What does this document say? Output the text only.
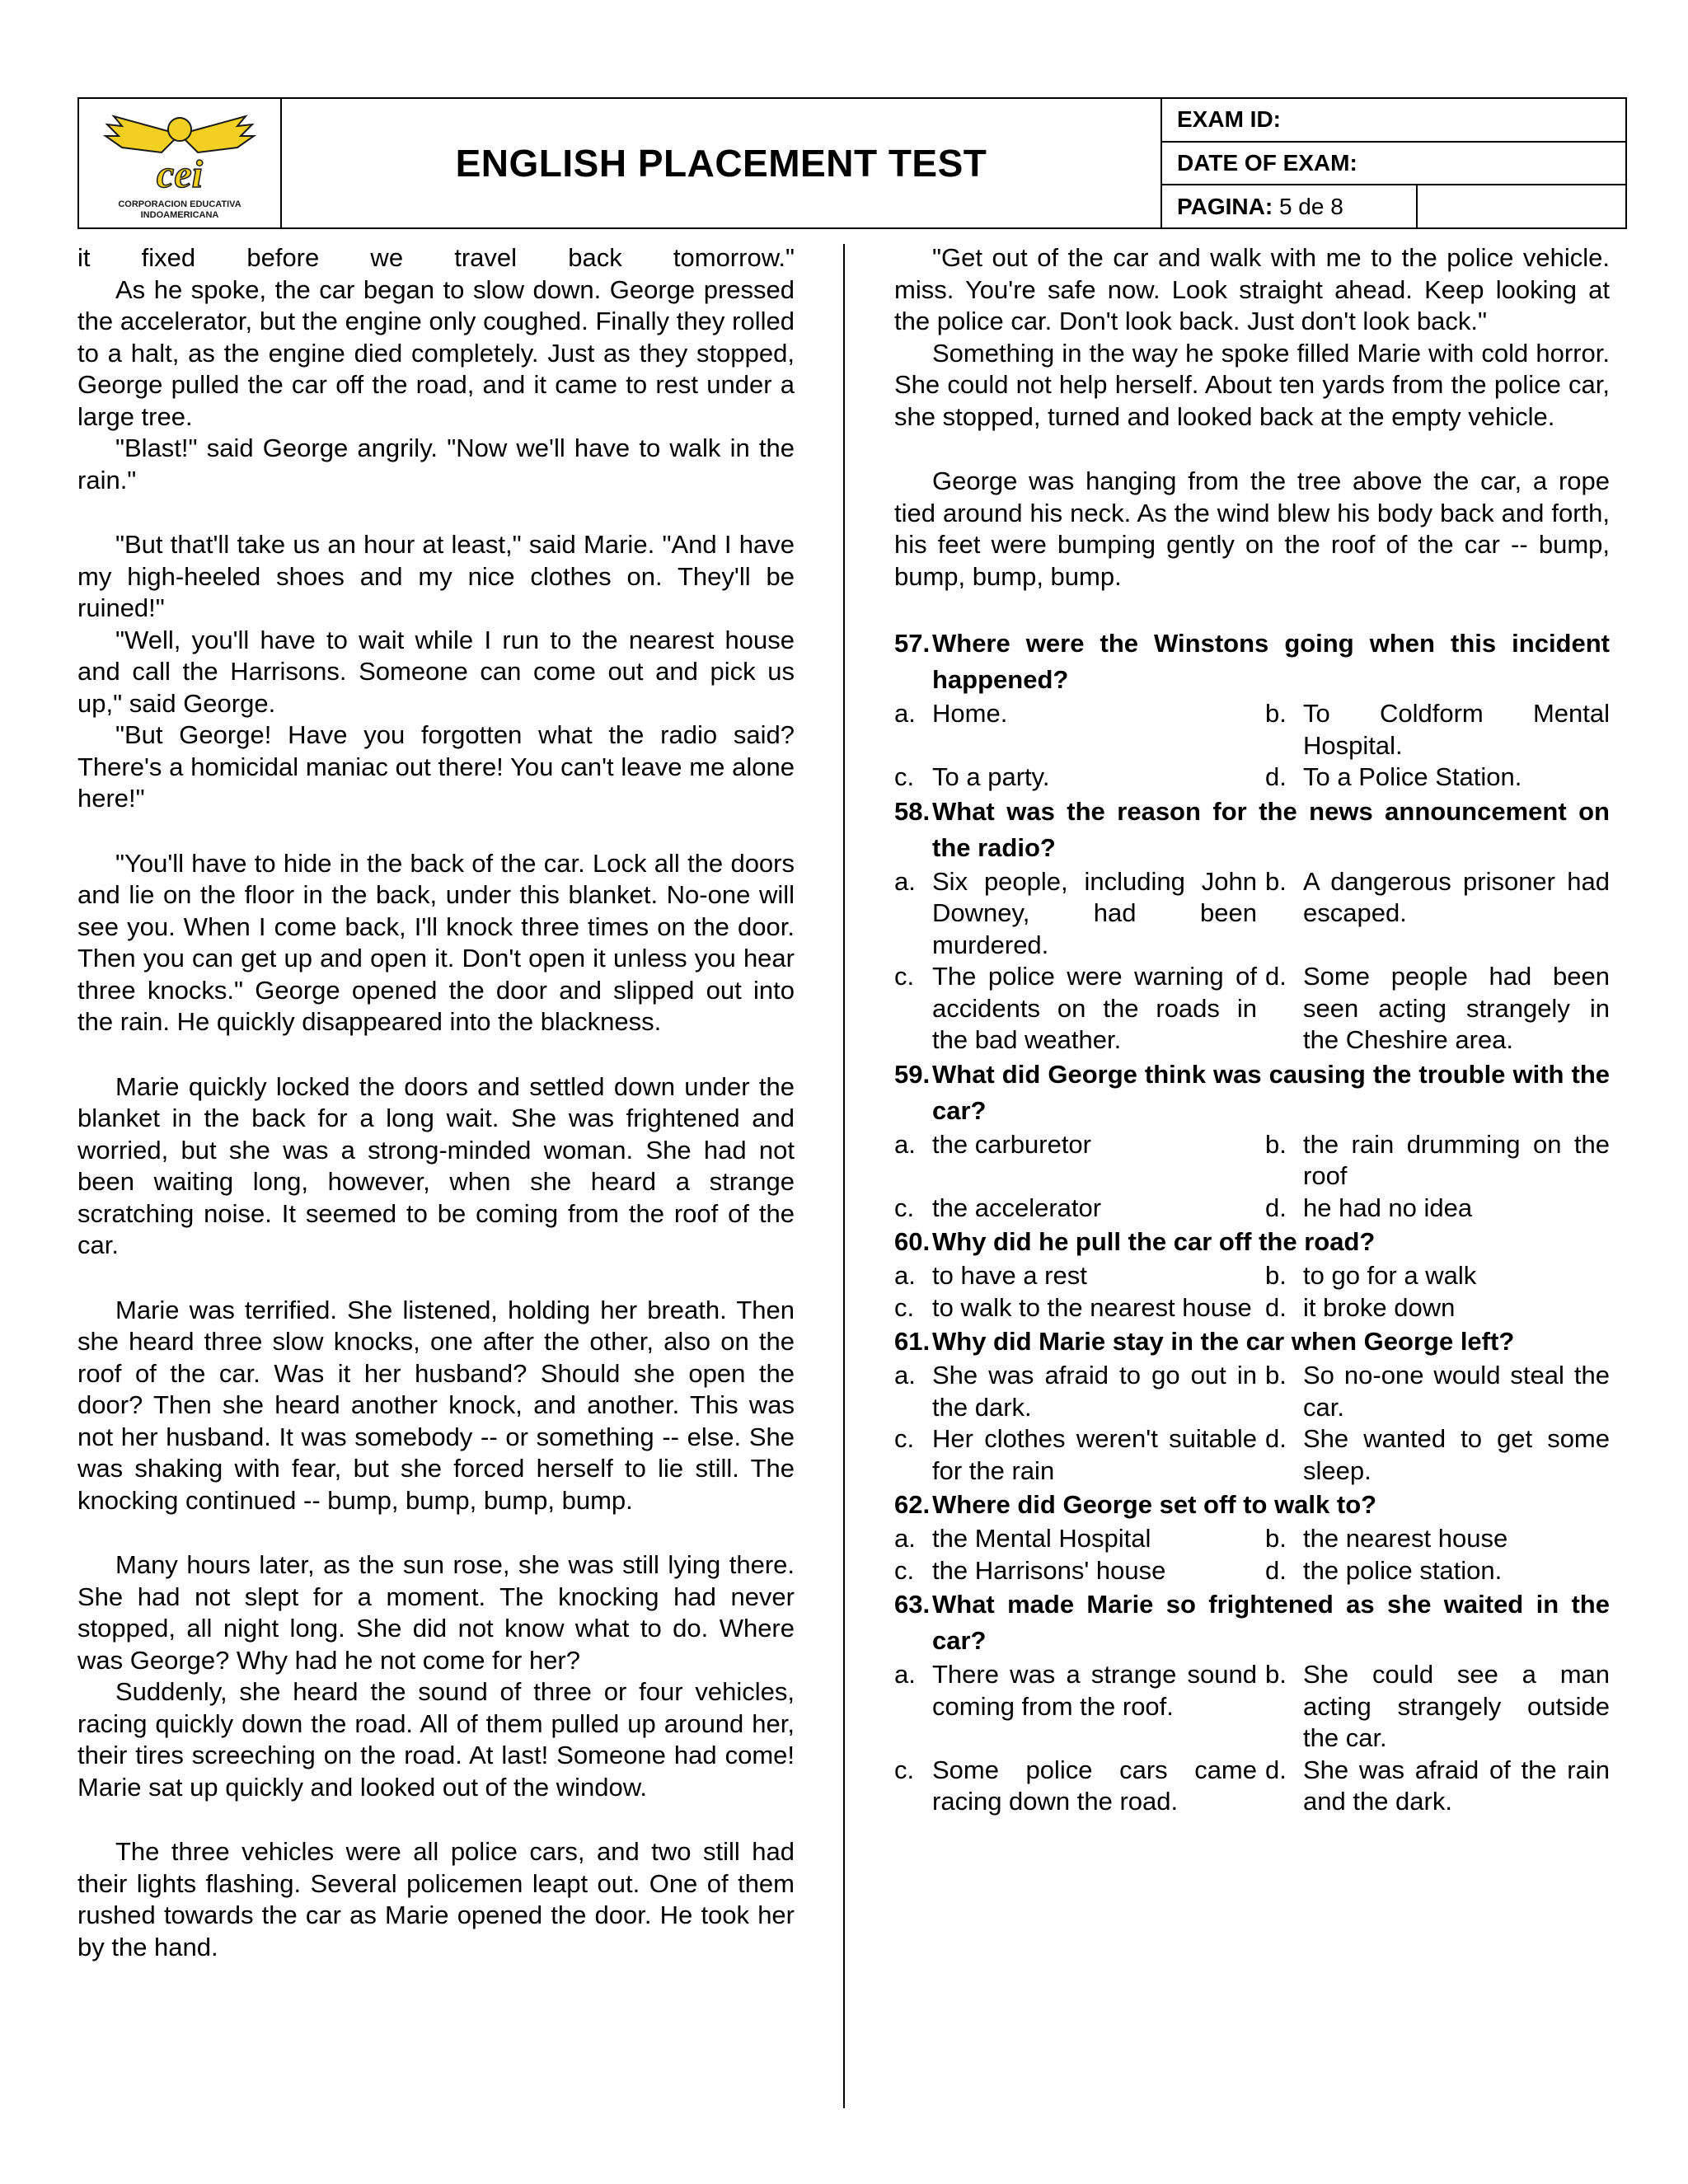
cei
CORPORACION EDUCATIVA
INDOAMERICANA
ENGLISH PLACEMENT TEST
EXAM ID:
DATE OF EXAM:
PAGINA:
5 de 8

it fixed before we travel back tomorrow."

As he spoke, the car began to slow down. George pressed the accelerator, but the engine only coughed. Finally they rolled to a halt, as the engine died completely. Just as they stopped, George pulled the car off the road, and it came to rest under a large tree.

"Blast!" said George angrily. "Now we'll have to walk in the rain."

"But that'll take us an hour at least," said Marie. "And I have my high-heeled shoes and my nice clothes on. They'll be ruined!"

"Well, you'll have to wait while I run to the nearest house and call the Harrisons. Someone can come out and pick us up," said George.

"But George! Have you forgotten what the radio said? There's a homicidal maniac out there! You can't leave me alone here!"

"You'll have to hide in the back of the car. Lock all the doors and lie on the floor in the back, under this blanket. No-one will see you. When I come back, I'll knock three times on the door. Then you can get up and open it. Don't open it unless you hear three knocks." George opened the door and slipped out into the rain. He quickly disappeared into the blackness.

Marie quickly locked the doors and settled down under the blanket in the back for a long wait. She was frightened and worried, but she was a strong-minded woman. She had not been waiting long, however, when she heard a strange scratching noise. It seemed to be coming from the roof of the car.

Marie was terrified. She listened, holding her breath. Then she heard three slow knocks, one after the other, also on the roof of the car. Was it her husband? Should she open the door? Then she heard another knock, and another. This was not her husband. It was somebody -- or something -- else. She was shaking with fear, but she forced herself to lie still. The knocking continued -- bump, bump, bump, bump.

Many hours later, as the sun rose, she was still lying there. She had not slept for a moment. The knocking had never stopped, all night long. She did not know what to do. Where was George? Why had he not come for her?

Suddenly, she heard the sound of three or four vehicles, racing quickly down the road. All of them pulled up around her, their tires screeching on the road. At last! Someone had come! Marie sat up quickly and looked out of the window.

The three vehicles were all police cars, and two still had their lights flashing. Several policemen leapt out. One of them rushed towards the car as Marie opened the door. He took her by the hand.

"Get out of the car and walk with me to the police vehicle. miss. You're safe now. Look straight ahead. Keep looking at the police car. Don't look back. Just don't look back."

Something in the way he spoke filled Marie with cold horror. She could not help herself. About ten yards from the police car, she stopped, turned and looked back at the empty vehicle.

George was hanging from the tree above the car, a rope tied around his neck. As the wind blew his body back and forth, his feet were bumping gently on the roof of the car -- bump, bump, bump, bump.

57. Where were the Winstons going when this incident happened?
a. Home.	b. To Coldform Mental Hospital.
c. To a party.	d. To a Police Station.
58. What was the reason for the news announcement on the radio?
a. Six people, including John Downey, had been murdered.
b. A dangerous prisoner had escaped.
c. The police were warning of accidents on the roads in the bad weather.
d. Some people had been seen acting strangely in the Cheshire area.
59. What did George think was causing the trouble with the car?
a. the carburetor	b. the rain drumming on the roof
c. the accelerator	d. he had no idea
60. Why did he pull the car off the road?
a. to have a rest	b. to go for a walk
c. to walk to the nearest house d. it broke down
61. Why did Marie stay in the car when George left?
a. She was afraid to go out in the dark.
b. So no-one would steal the car.
c. Her clothes weren't suitable for the rain
d. She wanted to get some sleep.
62. Where did George set off to walk to?
a. the Mental Hospital	b. the nearest house
c. the Harrisons' house	d. the police station.
63. What made Marie so frightened as she waited in the car?
a. There was a strange sound coming from the roof.
b. She could see a man acting strangely outside the car.
c. Some police cars came racing down the road.
d. She was afraid of the rain and the dark.
